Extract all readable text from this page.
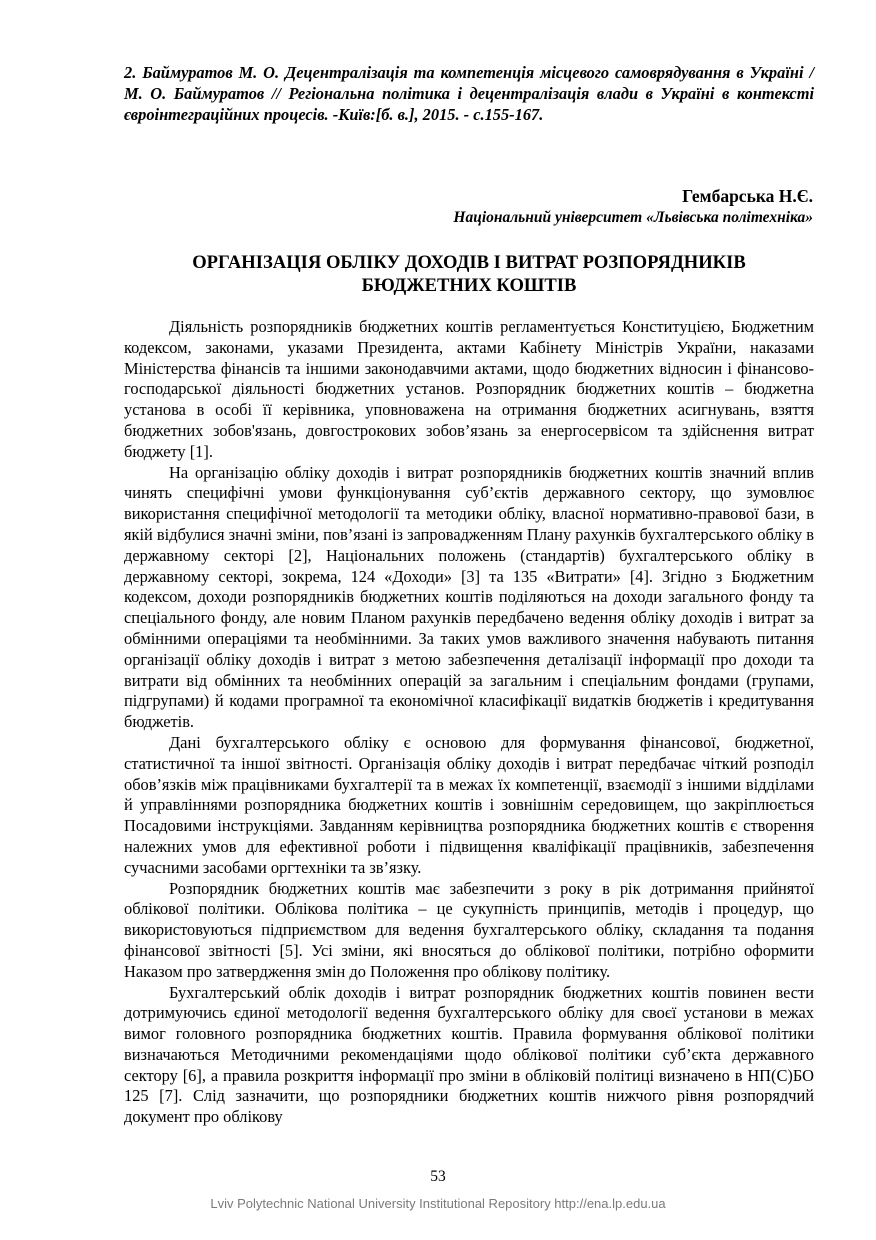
2. Баймуратов М. О. Децентралізація та компетенція місцевого самоврядування в Україні / М. О. Баймуратов // Регіональна політика і децентралізація влади в Україні в контексті євроінтеграційних процесів. -Київ:[б. в.], 2015. - с.155-167.
Гембарська Н.Є.
Національний університет «Львівська політехніка»
ОРГАНІЗАЦІЯ ОБЛІКУ ДОХОДІВ І ВИТРАТ РОЗПОРЯДНИКІВ
БЮДЖЕТНИХ КОШТІВ

Діяльність розпорядників бюджетних коштів регламентується Конституцією, Бюджетним кодексом, законами, указами Президента, актами Кабінету Міністрів України, наказами Міністерства фінансів та іншими законодавчими актами, щодо бюджетних відносин і фінансово-господарської діяльності бюджетних установ. Розпорядник бюджетних коштів – бюджетна установа в особі її керівника, уповноважена на отримання бюджетних асигнувань, взяття бюджетних зобов'язань, довгострокових зобов’язань за енергосервісом та здійснення витрат бюджету [1].

На організацію обліку доходів і витрат розпорядників бюджетних коштів значний вплив чинять специфічні умови функціонування суб’єктів державного сектору, що зумовлює використання специфічної методології та методики обліку, власної нормативно-правової бази, в якій відбулися значні зміни, пов’язані із запровадженням Плану рахунків бухгалтерського обліку в державному секторі [2], Національних положень (стандартів) бухгалтерського обліку в державному секторі, зокрема, 124 «Доходи» [3] та 135 «Витрати» [4]. Згідно з Бюджетним кодексом, доходи розпорядників бюджетних коштів поділяються на доходи загального фонду та спеціального фонду, але новим Планом рахунків передбачено ведення обліку доходів і витрат за обмінними операціями та необмінними. За таких умов важливого значення набувають питання організації обліку доходів і витрат з метою забезпечення деталізації інформації про доходи та витрати від обмінних та необмінних операцій за загальним і спеціальним фондами (групами, підгрупами) й кодами програмної та економічної класифікації видатків бюджетів і кредитування бюджетів.

Дані бухгалтерського обліку є основою для формування фінансової, бюджетної, статистичної та іншої звітності. Організація обліку доходів і витрат передбачає чіткий розподіл обов’язків між працівниками бухгалтерії та в межах їх компетенції, взаємодії з іншими відділами й управліннями розпорядника бюджетних коштів і зовнішнім середовищем, що закріплюється Посадовими інструкціями. Завданням керівництва розпорядника бюджетних коштів є створення належних умов для ефективної роботи і підвищення кваліфікації працівників, забезпечення сучасними засобами оргтехніки та зв’язку.

Розпорядник бюджетних коштів має забезпечити з року в рік дотримання прийнятої облікової політики. Облікова політика – це сукупність принципів, методів і процедур, що використовуються підприємством для ведення бухгалтерського обліку, складання та подання фінансової звітності [5]. Усі зміни, які вносяться до облікової політики, потрібно оформити Наказом про затвердження змін до Положення про облікову політику.

Бухгалтерський облік доходів і витрат розпорядник бюджетних коштів повинен вести дотримуючись єдиної методології ведення бухгалтерського обліку для своєї установи в межах вимог головного розпорядника бюджетних коштів. Правила формування облікової політики визначаються Методичними рекомендаціями щодо облікової політики суб’єкта державного сектору [6], а правила розкриття інформації про зміни в обліковій політиці визначено в НП(С)БО 125 [7]. Слід зазначити, що розпорядники бюджетних коштів нижчого рівня розпорядчий документ про облікову

53
Lviv Polytechnic National University Institutional Repository http://ena.lp.edu.ua
